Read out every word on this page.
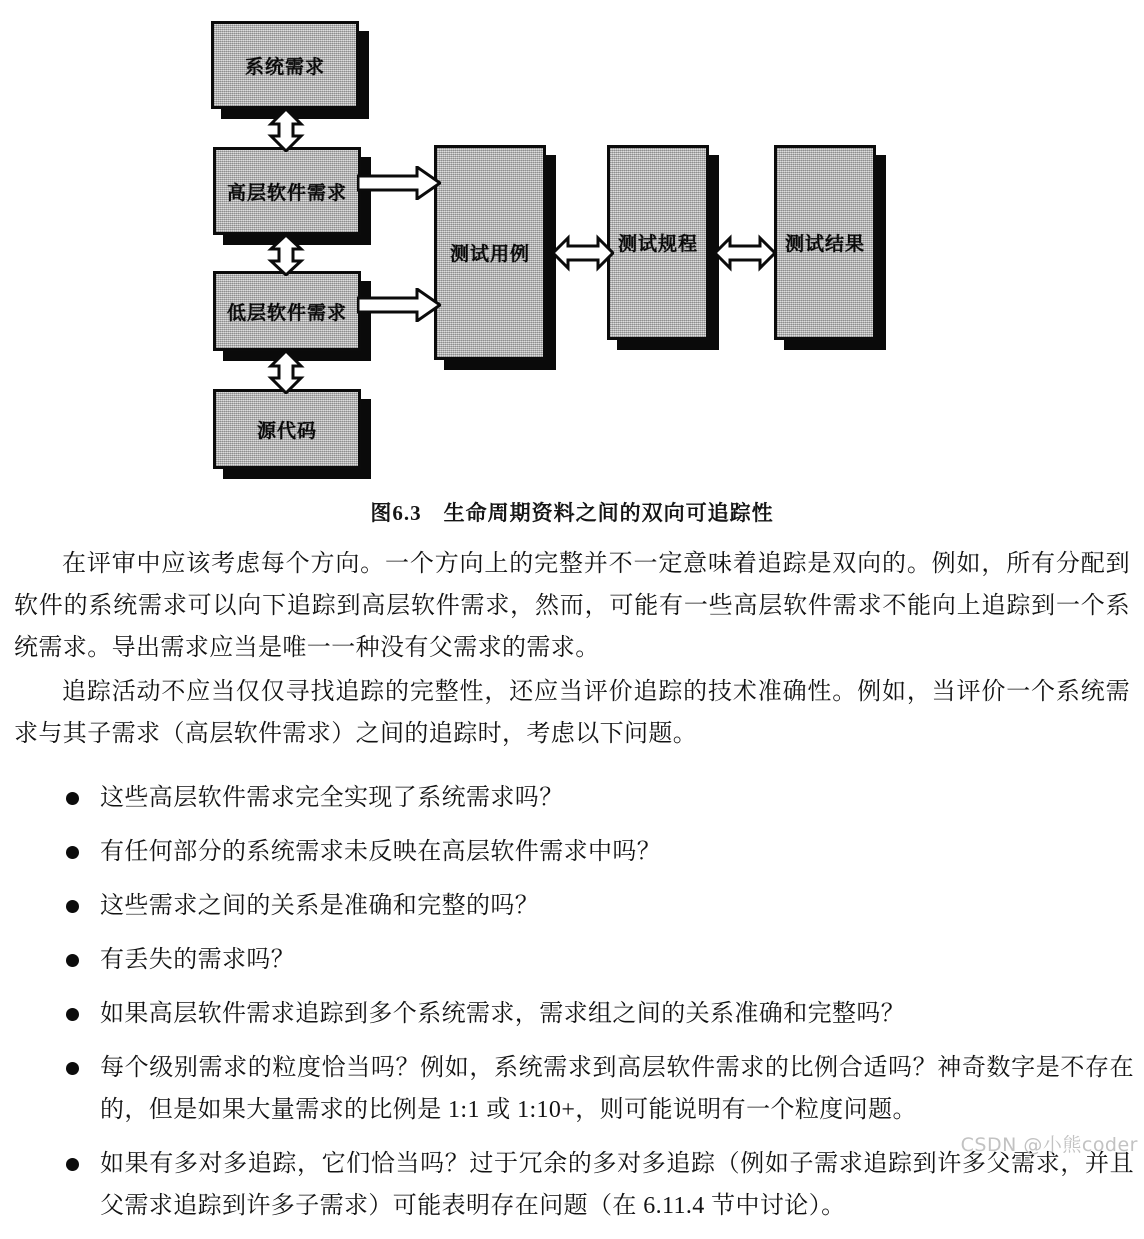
系统需求
高层软件需求
低层软件需求
源代码
测试用例	测试规程	测试结果
图6.3 生命周期资料之间的双向可追踪性

在评审中应该考虑每个方向。一个方向上的完整并不一定意味着追踪是双向的。例如，所有分配到软件的系统需求可以向下追踪到高层软件需求，然而，可能有一些高层软件需求不能向上追踪到一个系统需求。导出需求应当是唯一一种没有父需求的需求。

追踪活动不应当仅仅寻找追踪的完整性，还应当评价追踪的技术准确性。例如，当评价一个系统需求与其子需求（高层软件需求）之间的追踪时，考虑以下问题。

这些高层软件需求完全实现了系统需求吗？
有任何部分的系统需求未反映在高层软件需求中吗？
这些需求之间的关系是准确和完整的吗？
有丢失的需求吗？
如果高层软件需求追踪到多个系统需求，需求组之间的关系准确和完整吗？
每个级别需求的粒度恰当吗？例如，系统需求到高层软件需求的比例合适吗？神奇数字是不存在的，但是如果大量需求的比例是 1:1 或 1:10+，则可能说明有一个粒度问题。
如果有多对多追踪，它们恰当吗？过于冗余的多对多追踪（例如子需求追踪到许多父需求，并且父需求追踪到许多子需求）可能表明存在问题（在 6.11.4 节中讨论）。
CSDN @小熊coder
